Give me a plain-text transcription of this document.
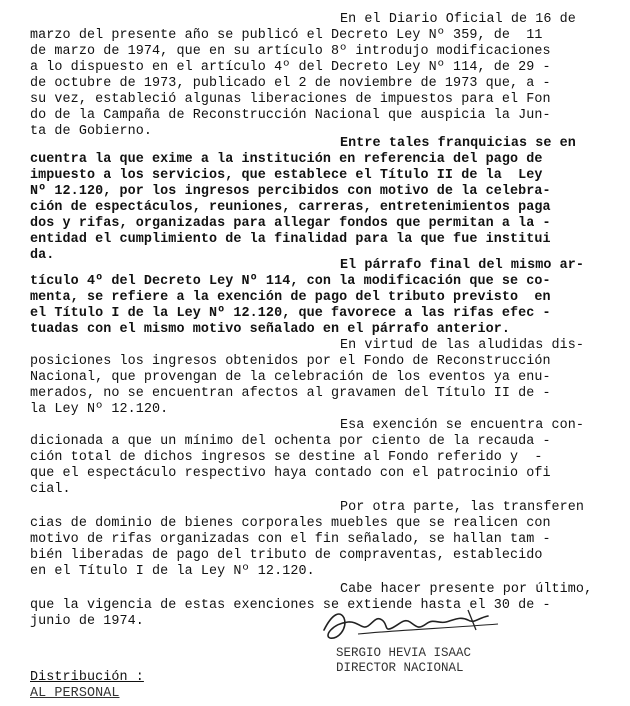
En el Diario Oficial de 16 de
marzo del presente año se publicó el Decreto Ley Nº 359, de  11
de marzo de 1974, que en su artículo 8º introdujo modificaciones
a lo dispuesto en el artículo 4º del Decreto Ley Nº 114, de 29 -
de octubre de 1973, publicado el 2 de noviembre de 1973 que, a -
su vez, estableció algunas liberaciones de impuestos para el Fon
do de la Campaña de Reconstrucción Nacional que auspicia la Jun-
ta de Gobierno.
Entre tales franquicias se en
cuentra la que exime a la institución en referencia del pago de
impuesto a los servicios, que establece el Título II de la  Ley
Nº 12.120, por los ingresos percibidos con motivo de la celebra-
ción de espectáculos, reuniones, carreras, entretenimientos paga
dos y rifas, organizadas para allegar fondos que permitan a la -
entidad el cumplimiento de la finalidad para la que fue institui
da.
El párrafo final del mismo ar-
tículo 4º del Decreto Ley Nº 114, con la modificación que se co-
menta, se refiere a la exención de pago del tributo previsto  en
el Título I de la Ley Nº 12.120, que favorece a las rifas efec -
tuadas con el mismo motivo señalado en el párrafo anterior.
En virtud de las aludidas dis-
posiciones los ingresos obtenidos por el Fondo de Reconstrucción
Nacional, que provengan de la celebración de los eventos ya enu-
merados, no se encuentran afectos al gravamen del Título II de -
la Ley Nº 12.120.
Esa exención se encuentra con-
dicionada a que un mínimo del ochenta por ciento de la recauda -
ción total de dichos ingresos se destine al Fondo referido y  -
que el espectáculo respectivo haya contado con el patrocinio ofi
cial.
Por otra parte, las transferen
cias de dominio de bienes corporales muebles que se realicen con
motivo de rifas organizadas con el fin señalado, se hallan tam -
bién liberadas de pago del tributo de compraventas, establecido
en el Título I de la Ley Nº 12.120.
Cabe hacer presente por último,
que la vigencia de estas exenciones se extiende hasta el 30 de -
junio de 1974.
SERGIO HEVIA ISAAC
DIRECTOR NACIONAL
Distribución :
AL PERSONAL
